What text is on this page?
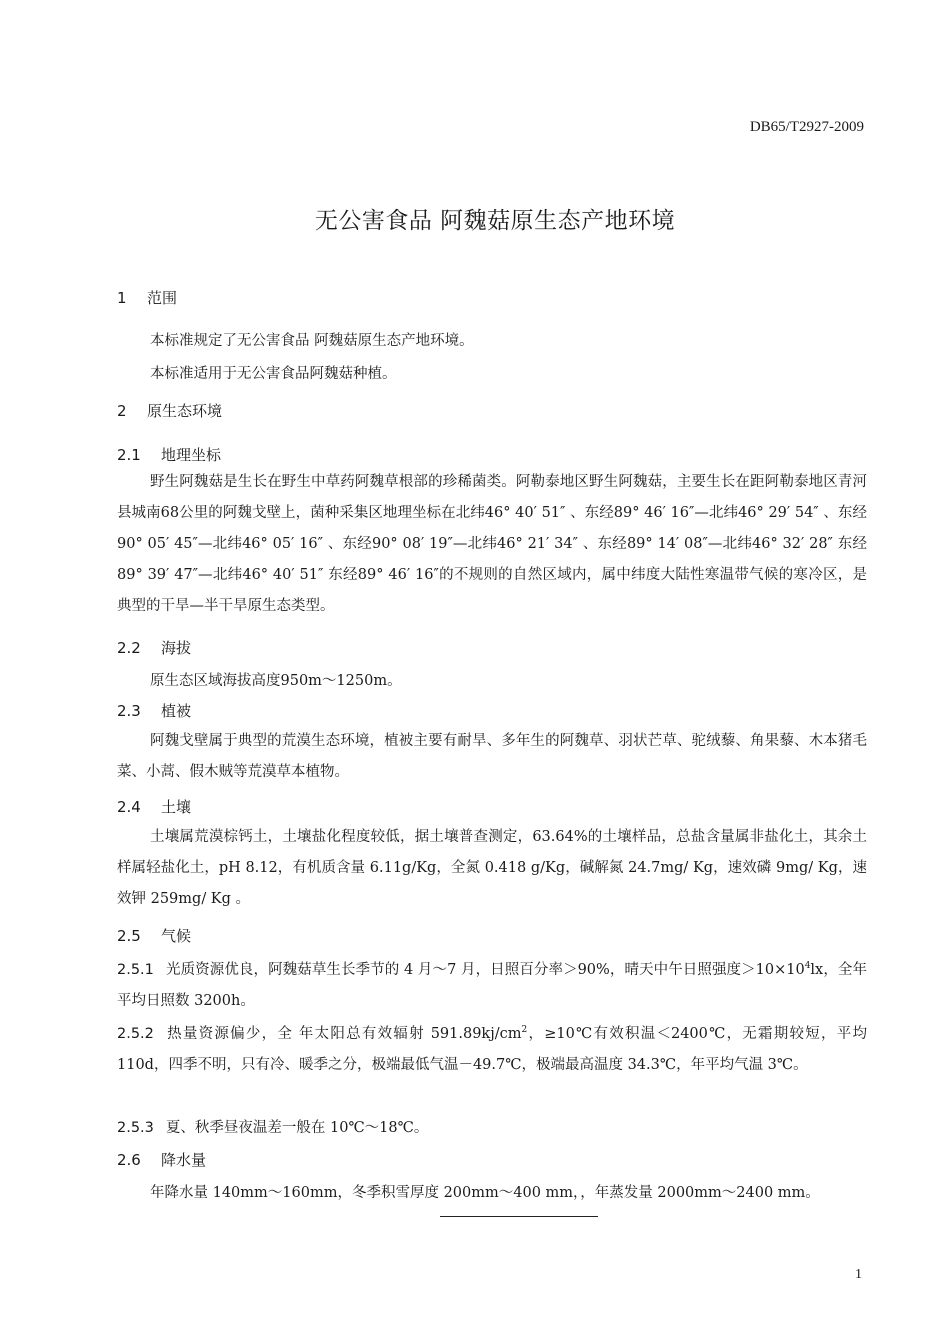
DB65/T2927-2009
无公害食品 阿魏菇原生态产地环境
1 范围
本标准规定了无公害食品 阿魏菇原生态产地环境。
本标准适用于无公害食品阿魏菇种植。
2 原生态环境
2.1 地理坐标

野生阿魏菇是生长在野生中草药阿魏草根部的珍稀菌类。阿勒泰地区野生阿魏菇，主要生长在距阿勒泰地区青河县城南68公里的阿魏戈壁上，菌种采集区地理坐标在北纬46° 40′ 51″ 、东经89° 46′ 16″—北纬46° 29′ 54″ 、东经90° 05′ 45″—北纬46° 05′ 16″ 、东经90° 08′ 19″—北纬46° 21′ 34″ 、东经89° 14′ 08″—北纬46° 32′ 28″ 东经89° 39′ 47″—北纬46° 40′ 51″ 东经89° 46′ 16″的不规则的自然区域内，属中纬度大陆性寒温带气候的寒冷区，是典型的干旱—半干旱原生态类型。

2.2 海拔
原生态区域海拔高度950m～1250m。
2.3 植被

阿魏戈壁属于典型的荒漠生态环境，植被主要有耐旱、多年生的阿魏草、羽状芒草、驼绒藜、角果藜、木本猪毛菜、小蒿、假木贼等荒漠草本植物。

2.4 土壤

土壤属荒漠棕钙土，土壤盐化程度较低，据土壤普查测定，63.64%的土壤样品，总盐含量属非盐化土，其余土样属轻盐化土，pH 8.12，有机质含量 6.11g/Kg，全氮 0.418 g/Kg，碱解氮 24.7mg/ Kg，速效磷 9mg/ Kg，速效钾 259mg/ Kg 。

2.5 气候

2.5.1 光质资源优良，阿魏菇草生长季节的 4 月～7 月，日照百分率＞90%，晴天中午日照强度$>10\times 10^4lx$，全年平均日照数 3200h。

2.5.2 热量资源偏少，全 年太阳总有效辐射 $591.89kj/cm^2$，≥10℃有效积温＜2400℃，无霜期较短，平均 110d，四季不明，只有冷、暖季之分，极端最低气温－49.7℃，极端最高温度 34.3℃，年平均气温 3℃。

2.5.3 夏、秋季昼夜温差一般在 10℃～18℃。
2.6 降水量
年降水量 140mm～160mm，冬季积雪厚度 200mm～400 mm，，年蒸发量 2000mm～2400 mm。
1
